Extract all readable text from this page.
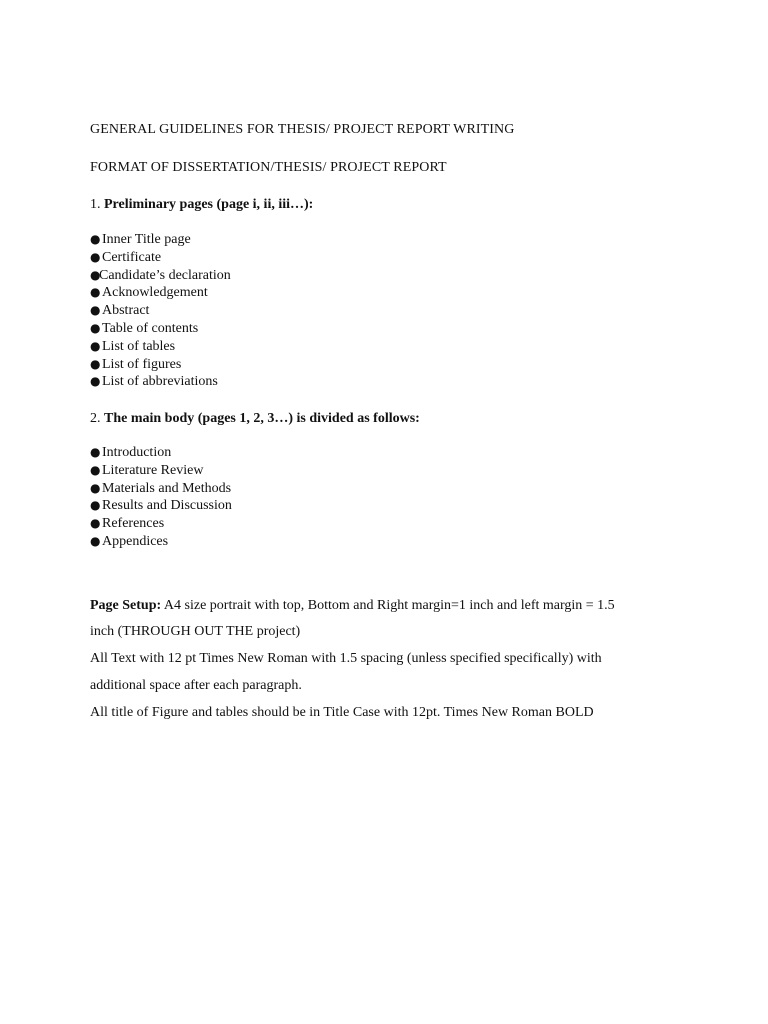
GENERAL GUIDELINES FOR THESIS/ PROJECT REPORT WRITING
FORMAT OF DISSERTATION/THESIS/ PROJECT REPORT
1. Preliminary pages (page i, ii, iii…):
● Inner Title page
● Certificate
●Candidate’s declaration
● Acknowledgement
● Abstract
● Table of contents
● List of tables
● List of figures
● List of abbreviations
2. The main body (pages 1, 2, 3…) is divided as follows:
● Introduction
● Literature Review
● Materials and Methods
● Results and Discussion
● References
● Appendices
Page Setup: A4 size portrait with top, Bottom and Right margin=1 inch and left margin = 1.5
inch (THROUGH OUT THE project)
All Text with 12 pt Times New Roman with 1.5 spacing (unless specified specifically) with
additional space after each paragraph.
All title of Figure and tables should be in Title Case with 12pt. Times New Roman BOLD
